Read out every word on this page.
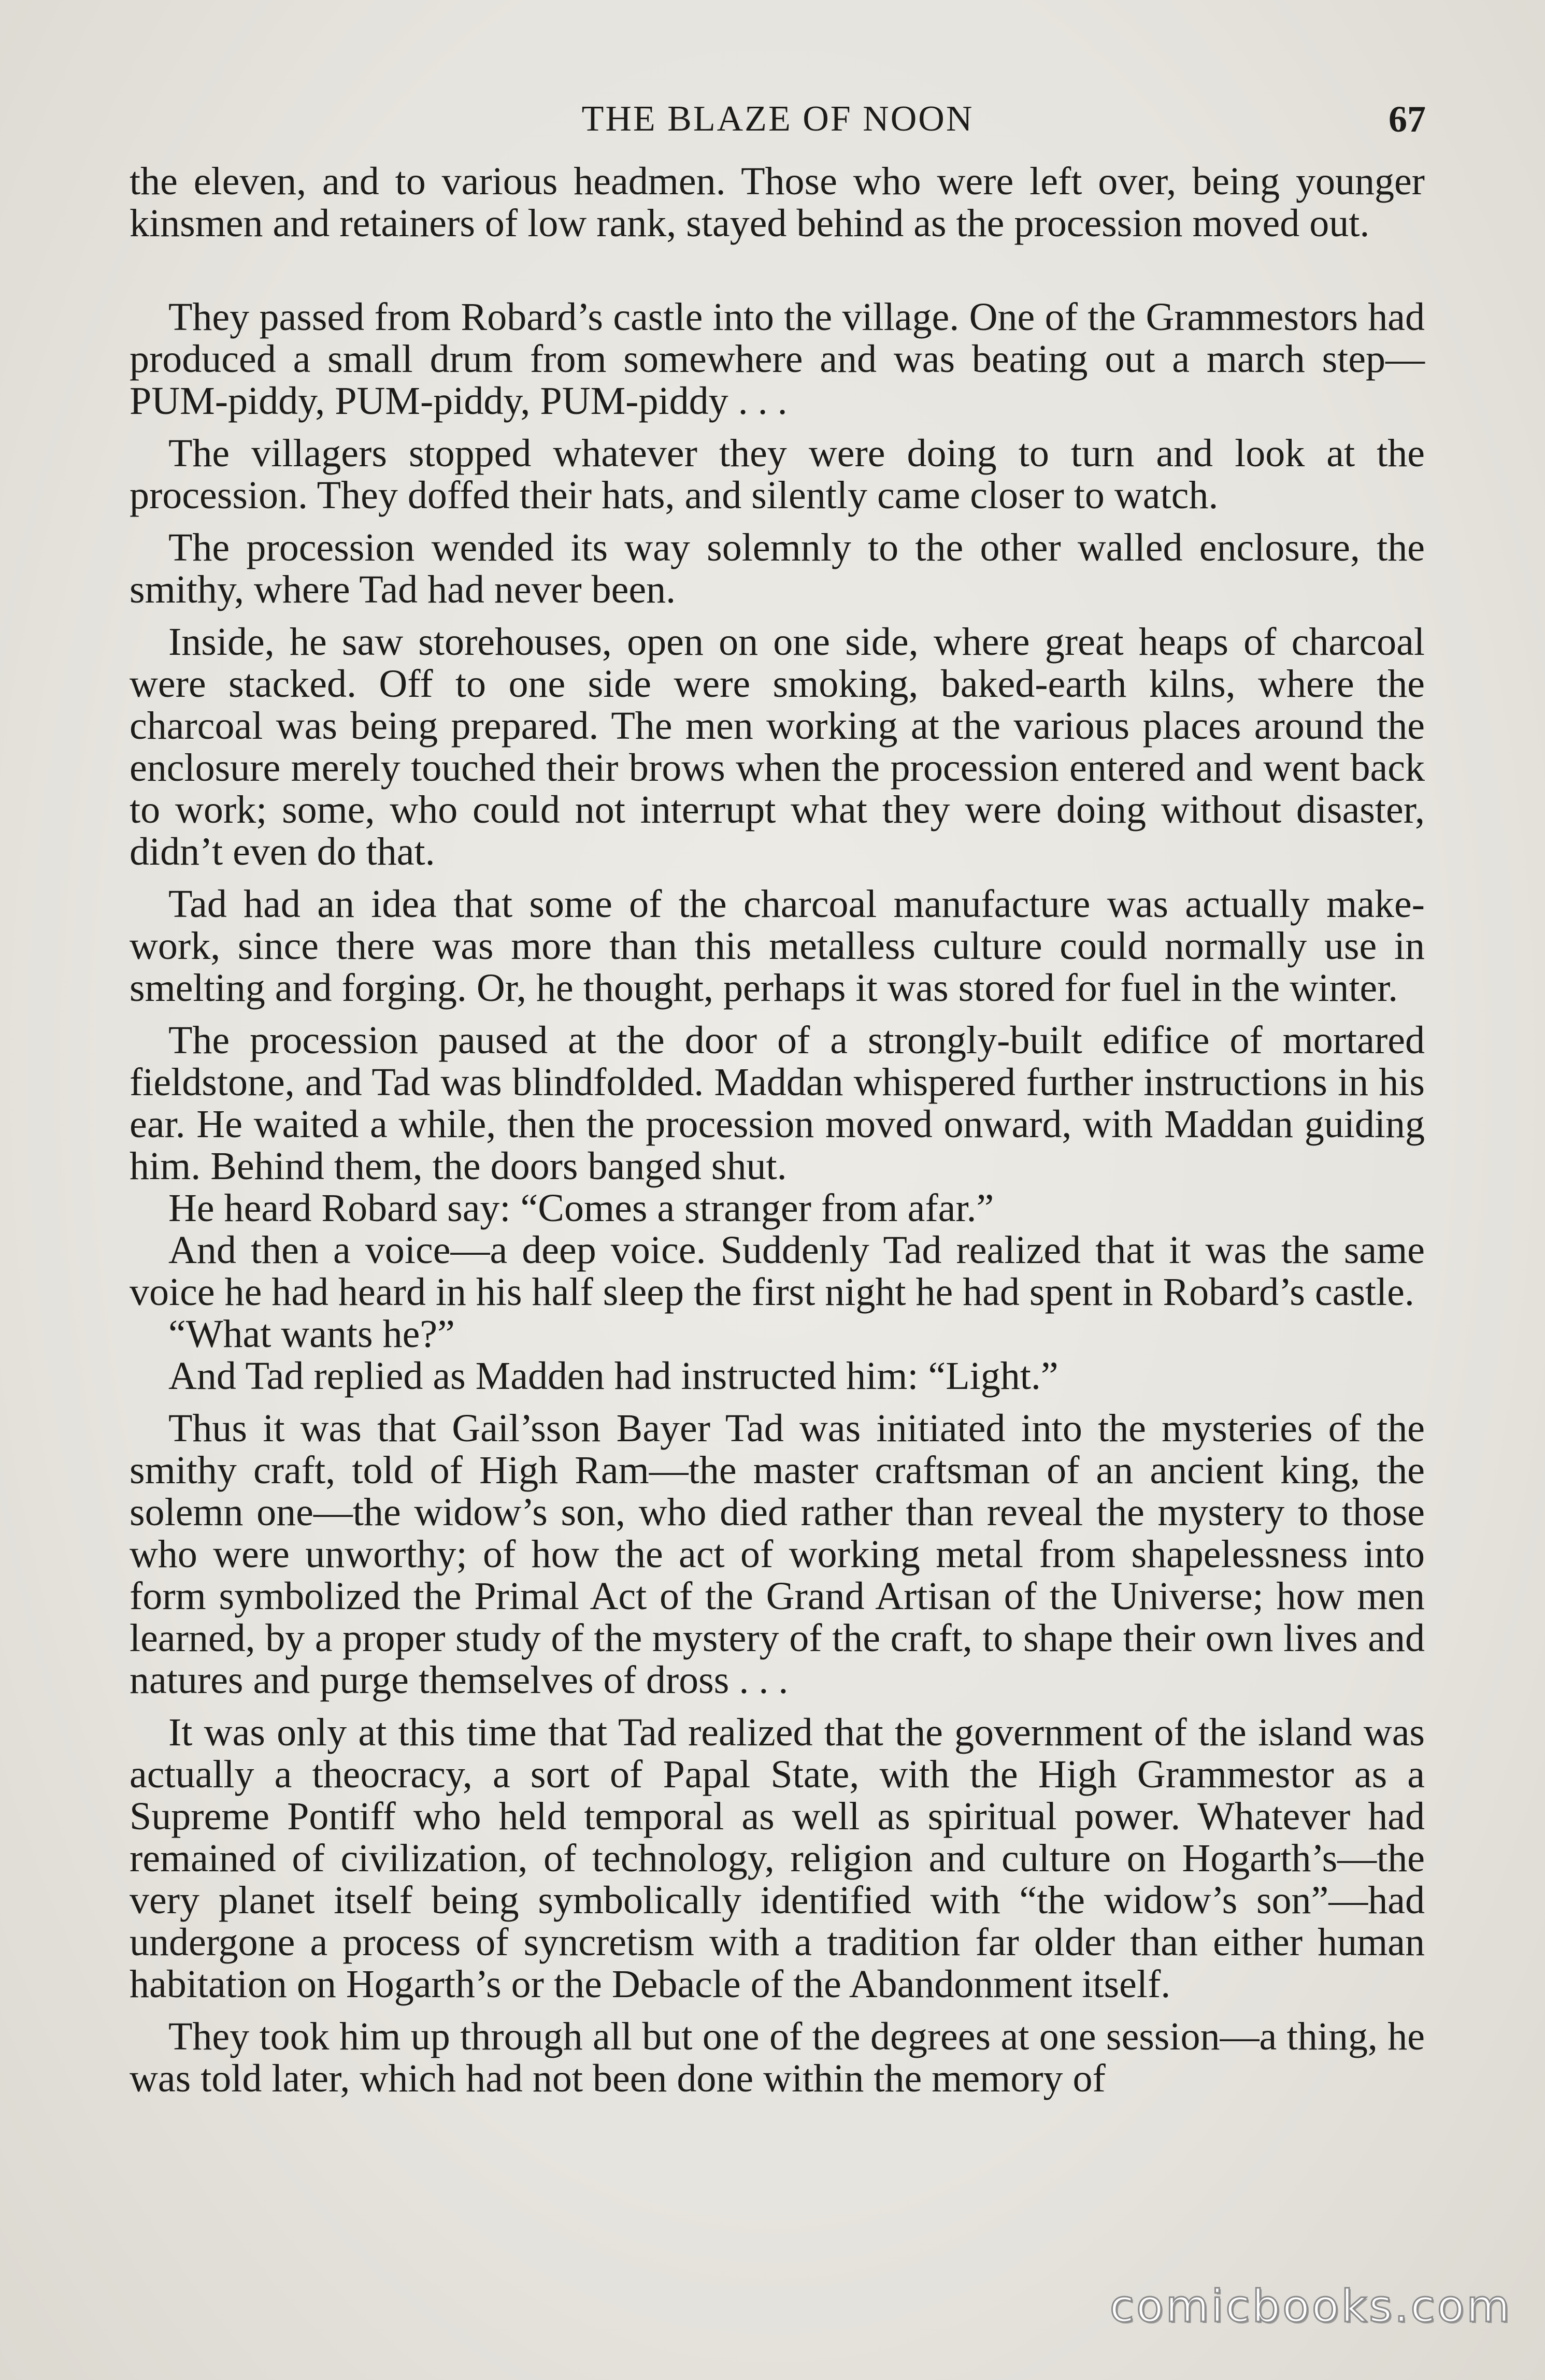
THE BLAZE OF NOON	67

the eleven, and to various headmen. Those who were left over, being younger kinsmen and retainers of low rank, stayed behind as the procession moved out.

They passed from Robard’s castle into the village. One of the Grammestors had produced a small drum from somewhere and was beating out a march step—PUM-piddy, PUM-piddy, PUM-piddy . . .

The villagers stopped whatever they were doing to turn and look at the procession. They doffed their hats, and silently came closer to watch.

The procession wended its way solemnly to the other walled enclosure, the smithy, where Tad had never been.

Inside, he saw storehouses, open on one side, where great heaps of charcoal were stacked. Off to one side were smoking, baked-earth kilns, where the charcoal was being prepared. The men working at the various places around the enclosure merely touched their brows when the procession entered and went back to work; some, who could not interrupt what they were doing without disaster, didn’t even do that.

Tad had an idea that some of the charcoal manufacture was actually make-work, since there was more than this metalless culture could normally use in smelting and forging. Or, he thought, perhaps it was stored for fuel in the winter.

The procession paused at the door of a strongly-built edifice of mortared fieldstone, and Tad was blindfolded. Maddan whispered further instructions in his ear. He waited a while, then the procession moved onward, with Maddan guiding him. Behind them, the doors banged shut.

He heard Robard say: “Comes a stranger from afar.”

And then a voice—a deep voice. Suddenly Tad realized that it was the same voice he had heard in his half sleep the first night he had spent in Robard’s castle.

“What wants he?”

And Tad replied as Madden had instructed him: “Light.”

Thus it was that Gail’sson Bayer Tad was initiated into the mysteries of the smithy craft, told of High Ram—the master craftsman of an ancient king, the solemn one—the widow’s son, who died rather than reveal the mystery to those who were unworthy; of how the act of working metal from shapelessness into form symbolized the Primal Act of the Grand Artisan of the Universe; how men learned, by a proper study of the mystery of the craft, to shape their own lives and natures and purge themselves of dross . . .

It was only at this time that Tad realized that the government of the island was actually a theocracy, a sort of Papal State, with the High Grammestor as a Supreme Pontiff who held temporal as well as spiritual power. Whatever had remained of civilization, of technology, religion and culture on Hogarth’s—the very planet itself being symbolically identified with “the widow’s son”—had undergone a process of syncretism with a tradition far older than either human habitation on Hogarth’s or the Debacle of the Abandonment itself.

They took him up through all but one of the degrees at one session—a thing, he was told later, which had not been done within the memory of

comicbooks.com
